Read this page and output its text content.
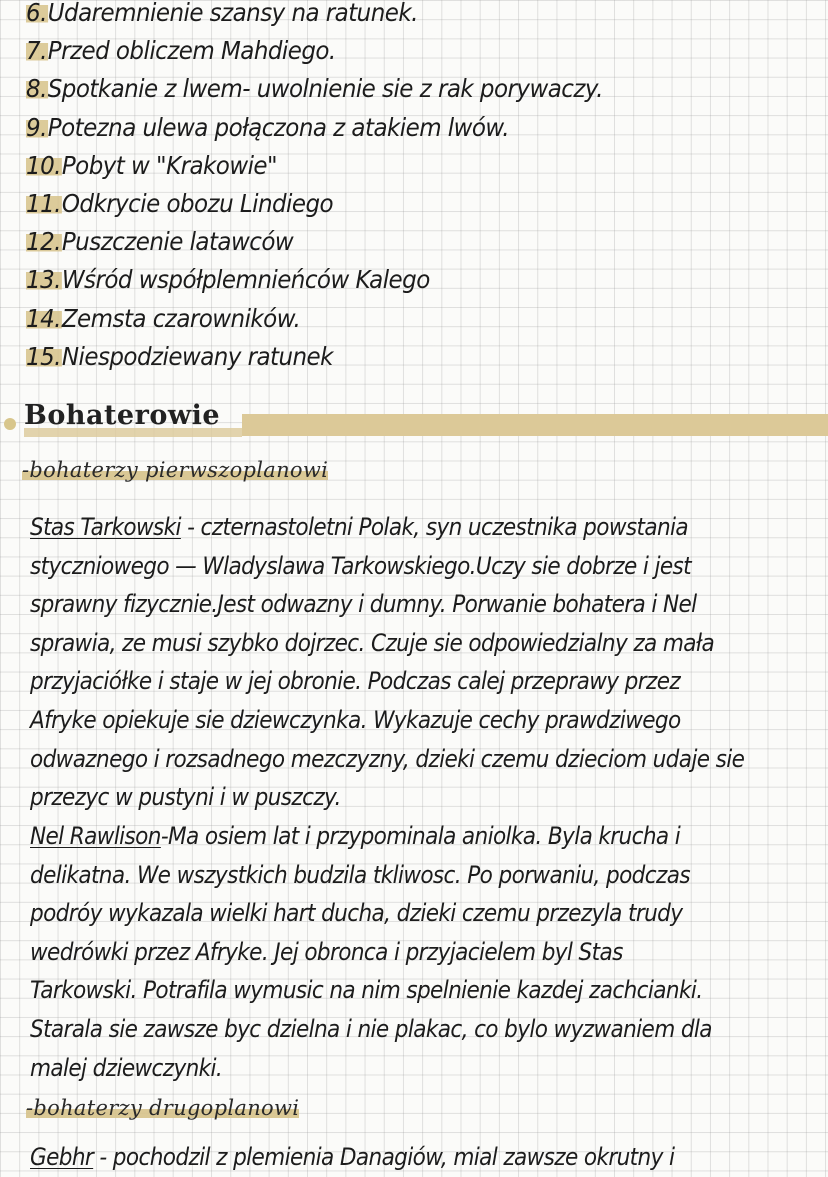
6.Udaremnienie szansy na ratunek.
7.Przed obliczem Mahdiego.
8.Spotkanie z lwem- uwolnienie sie z rak porywaczy.
9.Potezna ulewa połączona z atakiem lwów.
10.Pobyt w "Krakowie"
11.Odkrycie obozu Lindiego
12.Puszczenie latawców
13.Wśród współplemnieńców Kalego
14.Zemsta czarowników.
15.Niespodziewany ratunek
Bohaterowie
-bohaterzy pierwszoplanowi
Stas Tarkowski - czternastoletni Polak, syn uczestnika powstania
styczniowego — Wladyslawa Tarkowskiego.Uczy sie dobrze i jest
sprawny fizycznie.Jest odwazny i dumny. Porwanie bohatera i Nel
sprawia, ze musi szybko dojrzec. Czuje sie odpowiedzialny za mała
przyjaciółke i staje w jej obronie. Podczas calej przeprawy przez
Afryke opiekuje sie dziewczynka. Wykazuje cechy prawdziwego
odwaznego i rozsadnego mezczyzny, dzieki czemu dzieciom udaje sie
przezyc w pustyni i w puszczy.
Nel Rawlison-Ma osiem lat i przypominala aniolka. Byla krucha i
delikatna. We wszystkich budzila tkliwosc. Po porwaniu, podczas
podróy wykazala wielki hart ducha, dzieki czemu przezyla trudy
wedrówki przez Afryke. Jej obronca i przyjacielem byl Stas
Tarkowski. Potrafila wymusic na nim spelnienie kazdej zachcianki.
Starala sie zawsze byc dzielna i nie plakac, co bylo wyzwaniem dla
malej dziewczynki.
-bohaterzy drugoplanowi
Gebhr - pochodzil z plemienia Danagiów, mial zawsze okrutny i
